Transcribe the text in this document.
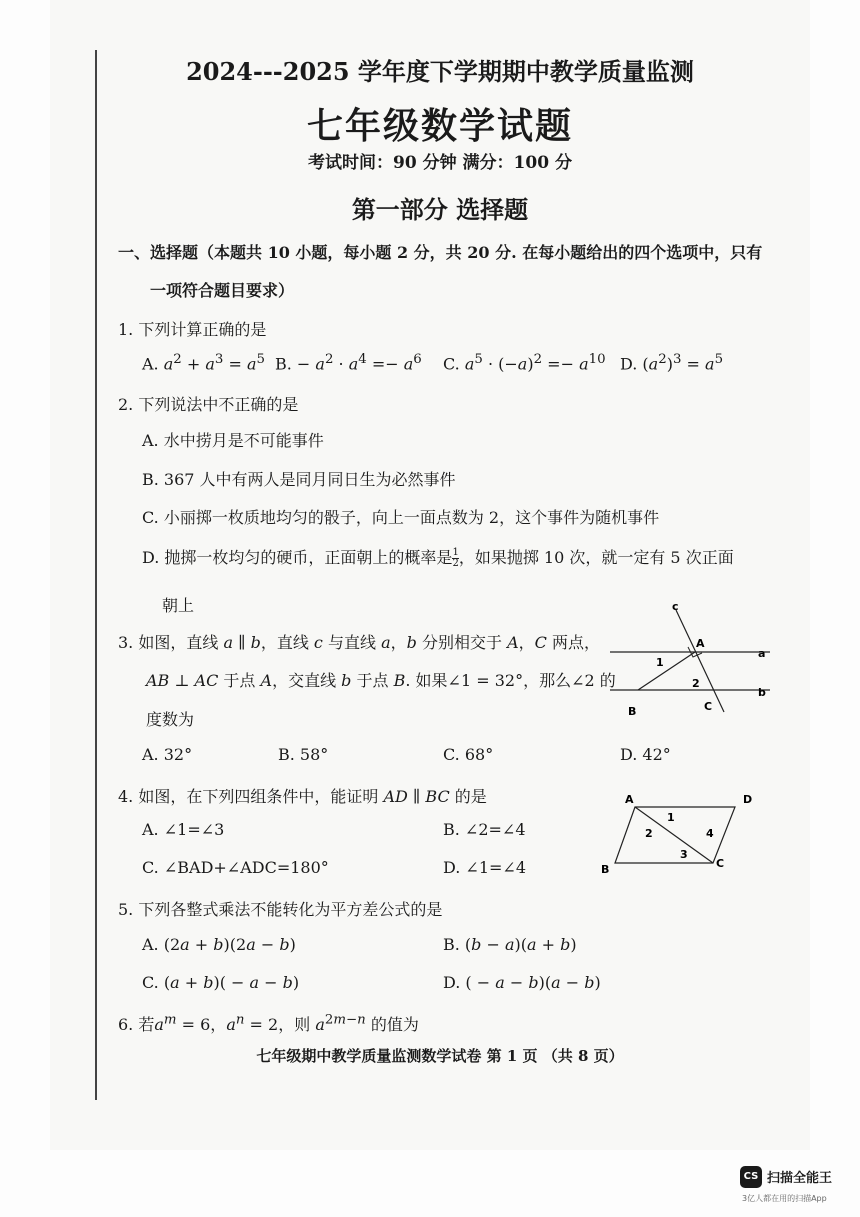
2024---2025 学年度下学期期中教学质量监测
七年级数学试题
考试时间：90 分钟 满分：100 分
第一部分 选择题
一、选择题（本题共 10 小题，每小题 2 分，共 20 分. 在每小题给出的四个选项中，只有
一项符合题目要求）
1. 下列计算正确的是
A. $a^2 + a^3 = a^5$ B. − $a^2 \cdot a^4 =- a^6$ C. $a^5 \cdot (-a)^2 =- a^{10}$ D. $(a^2)^3 = a^5$
2. 下列说法中不正确的是
A. 水中捞月是不可能事件
B. 367 人中有两人是同月同日生为必然事件
C. 小丽掷一枚质地均匀的骰子，向上一面点数为 2，这个事件为随机事件
D. 抛掷一枚均匀的硬币，正面朝上的概率是 $\frac{1}{2}$ ，如果抛掷 10 次，就一定有 5 次正面
朝上
3. 如图，直线 a ∥ b，直线 c 与直线 a，b 分别相交于 A，C 两点，
AB ⊥ AC 于点 A，交直线 b 于点 B. 如果∠1 = 32°，那么∠2 的
度数为
A. 32°	B. 58°	C. 68°	D. 42°
c
A
a
b
B	C
1
2
4. 如图，在下列四组条件中，能证明 AD ∥ BC 的是
A. ∠1=∠3	B. ∠2=∠4
C. ∠BAD+∠ADC=180°	D. ∠1=∠4
A	D
B	C
1
2
3
4
5. 下列各整式乘法不能转化为平方差公式的是
A. (2a + b)(2a − b)	B. (b − a)(a + b)
C. (a + b)( − a − b)	D. ( − a − b)(a − b)
6. 若$a^m = 6$，$a^n = 2$，则 $a^{2m-n}$ 的值为
七年级期中教学质量监测数学试卷 第 1 页 （共 8 页）
CS 扫描全能王
3亿人都在用的扫描App
